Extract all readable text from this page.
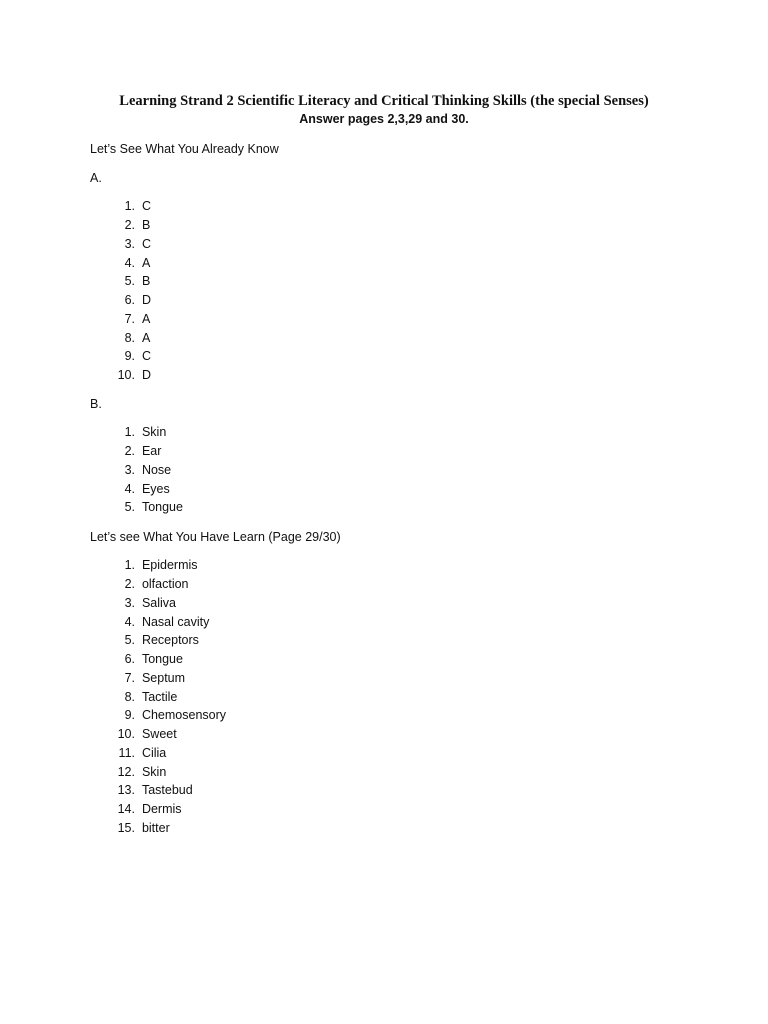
Learning Strand 2 Scientific Literacy and Critical Thinking Skills (the special Senses)
Answer pages 2,3,29 and 30.
Let’s See What You Already Know
A.
1.
C
2.
B
3.
C
4.
A
5.
B
6.
D
7.
A
8.
A
9.
C
10.
D
B.
1.
Skin
2.
Ear
3.
Nose
4.
Eyes
5.
Tongue
Let’s see What You Have Learn (Page 29/30)
1.
Epidermis
2.
olfaction
3.
Saliva
4.
Nasal cavity
5.
Receptors
6.
Tongue
7.
Septum
8.
Tactile
9.
Chemosensory
10.
Sweet
11.
Cilia
12.
Skin
13.
Tastebud
14.
Dermis
15.
bitter
